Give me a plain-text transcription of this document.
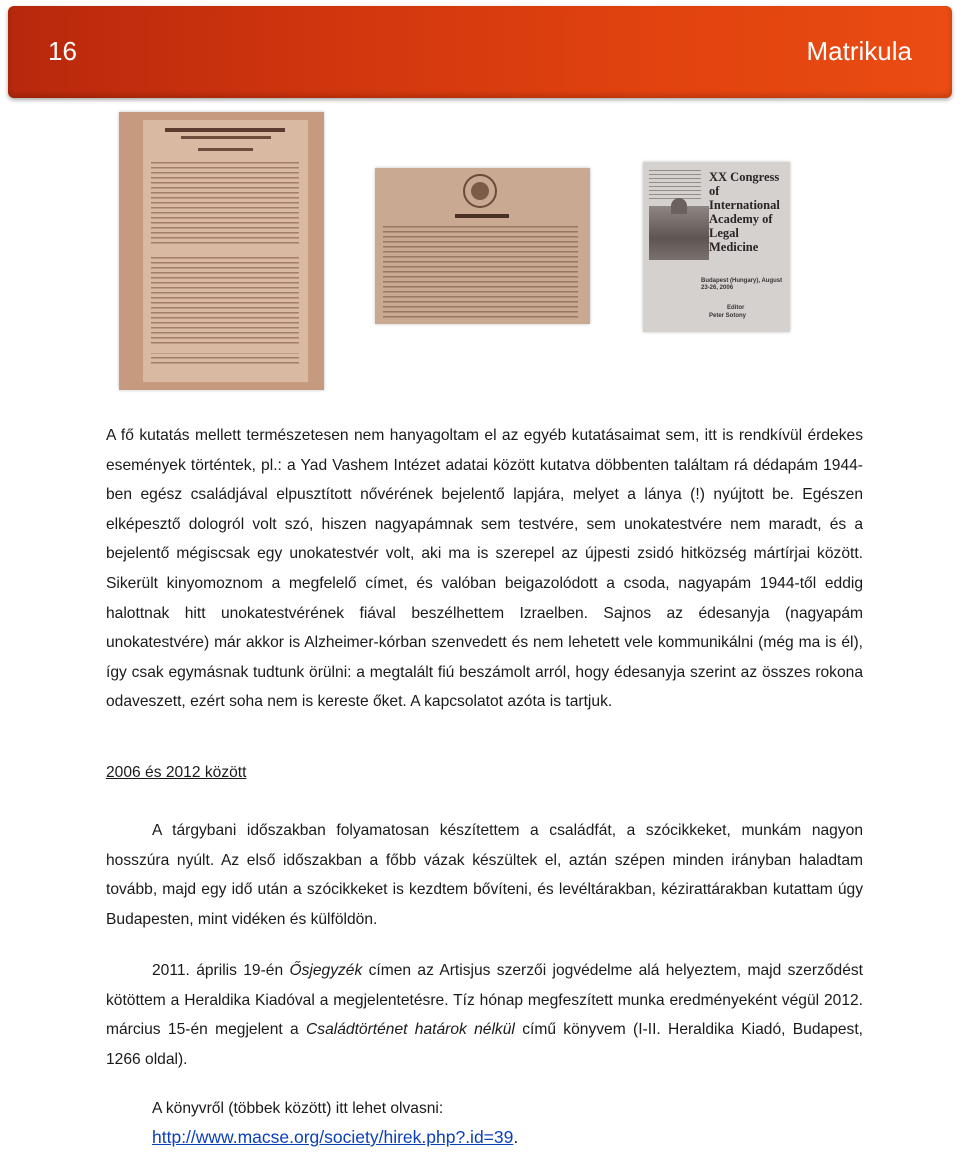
16	Matrikula
XX Congress of International Academy of Legal Medicine
Budapest (Hungary), August 23-26, 2006
Editor
Peter Sotony
A fő kutatás mellett természetesen nem hanyagoltam el az egyéb kutatásaimat sem, itt is rendkívül érdekes események történtek, pl.: a Yad Vashem Intézet adatai között kutatva döbbenten találtam rá dédapám 1944-ben egész családjával elpusztított nővérének bejelentő lapjára, melyet a lánya (!) nyújtott be. Egészen elképesztő dologról volt szó, hiszen nagyapámnak sem testvére, sem unokatestvére nem maradt, és a bejelentő mégiscsak egy unokatestvér volt, aki ma is szerepel az újpesti zsidó hitközség mártírjai között. Sikerült kinyomoznom a megfelelő címet, és valóban beigazolódott a csoda, nagyapám 1944-től eddig halottnak hitt unokatestvérének fiával beszélhettem Izraelben. Sajnos az édesanyja (nagyapám unokatestvére) már akkor is Alzheimer-kórban szenvedett és nem lehetett vele kommunikálni (még ma is él), így csak egymásnak tudtunk örülni: a megtalált fiú beszámolt arról, hogy édesanyja szerint az összes rokona odaveszett, ezért soha nem is kereste őket. A kapcsolatot azóta is tartjuk.
2006 és 2012 között
A tárgybani időszakban folyamatosan készítettem a családfát, a szócikkeket, munkám nagyon hosszúra nyúlt. Az első időszakban a főbb vázak készültek el, aztán szépen minden irányban haladtam tovább, majd egy idő után a szócikkeket is kezdtem bővíteni, és levéltárakban, kézirattárakban kutattam úgy Budapesten, mint vidéken és külföldön.
2011. április 19-én Ősjegyzék címen az Artisjus szerzői jogvédelme alá helyeztem, majd szerződést kötöttem a Heraldika Kiadóval a megjelentetésre. Tíz hónap megfeszített munka eredményeként végül 2012. március 15-én megjelent a Családtörténet határok nélkül című könyvem (I-II. Heraldika Kiadó, Budapest, 1266 oldal).
A könyvről (többek között) itt lehet olvasni:
http://www.macse.org/society/hirek.php?.id=39.
